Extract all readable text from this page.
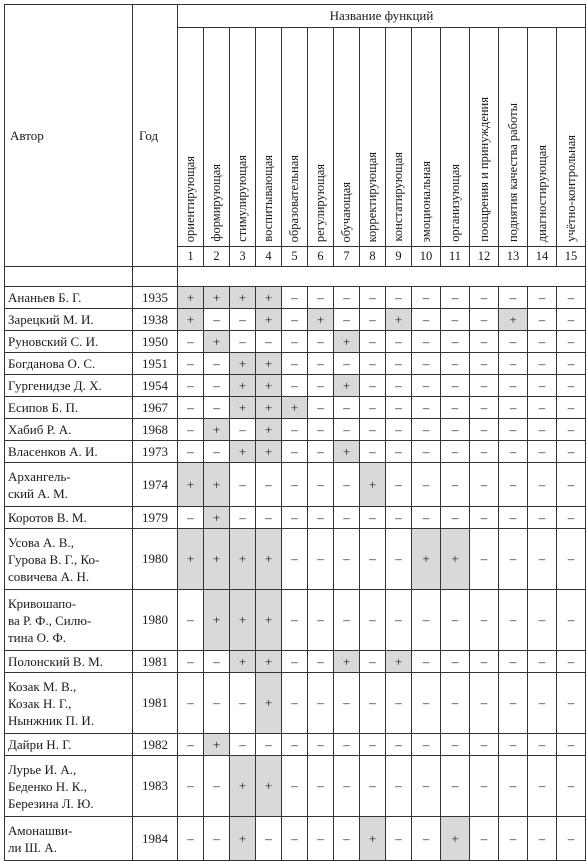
Автор	Год	Название функций														
		ориентирующая	формирующая	стимулирующая	воспитывающая	образовательная	регулирующая	обучающая	корректирующая	констатирующая	эмоциональная	организующая	поощрения и принуждения	поднятия качества работы	диагностирующая	учётно-контрольная
		1	2	3	4	5	6	7	8	9	10	11	12	13	14	15

Ананьев Б. Г.	1935	+	+	+	+	–	–	–	–	–	–	–	–	–	–	–

Зарецкий М. И.	1938	+	–	–	+	–	+	–	–	+	–	–	–	+	–	–

Руновский С. И.	1950	–	+	–	–	–	–	+	–	–	–	–	–	–	–	–

Богданова О. С.	1951	–	–	+	+	–	–	–	–	–	–	–	–	–	–	–

Гургенидзе Д. Х.	1954	–	–	+	+	–	–	+	–	–	–	–	–	–	–	–

Есипов Б. П.	1967	–	–	+	+	+	–	–	–	–	–	–	–	–	–	–

Хабиб Р. А.	1968	–	+	–	+	–	–	–	–	–	–	–	–	–	–	–

Власенков А. И.	1973	–	–	+	+	–	–	+	–	–	–	–	–	–	–	–

Архангель-
ский А. М.	1974	+	+	–	–	–	–	–	+	–	–	–	–	–	–	–

Коротов В. М.	1979	–	+	–	–	–	–	–	–	–	–	–	–	–	–	–

Усова А. В.,
Гурова В. Г., Ко-
совичева А. Н.	1980	+	+	+	+	–	–	–	–	–	+	+	–	–	–	–

Кривошапо-
ва Р. Ф., Силю-
тина О. Ф.	1980	–	+	+	+	–	–	–	–	–	–	–	–	–	–	–

Полонский В. М.	1981	–	–	+	+	–	–	+	–	+	–	–	–	–	–	–

Козак М. В.,
Козак Н. Г.,
Нынжник П. И.	1981	–	–	–	+	–	–	–	–	–	–	–	–	–	–	–

Дайри Н. Г.	1982	–	+	–	–	–	–	–	–	–	–	–	–	–	–	–

Лурье И. А.,
Беденко Н. К.,
Березина Л. Ю.	1983	–	–	+	+	–	–	–	–	–	–	–	–	–	–	–

Амонашви-
ли Ш. А.	1984	–	–	+	–	–	–	–	+	–	–	+	–	–	–	–
